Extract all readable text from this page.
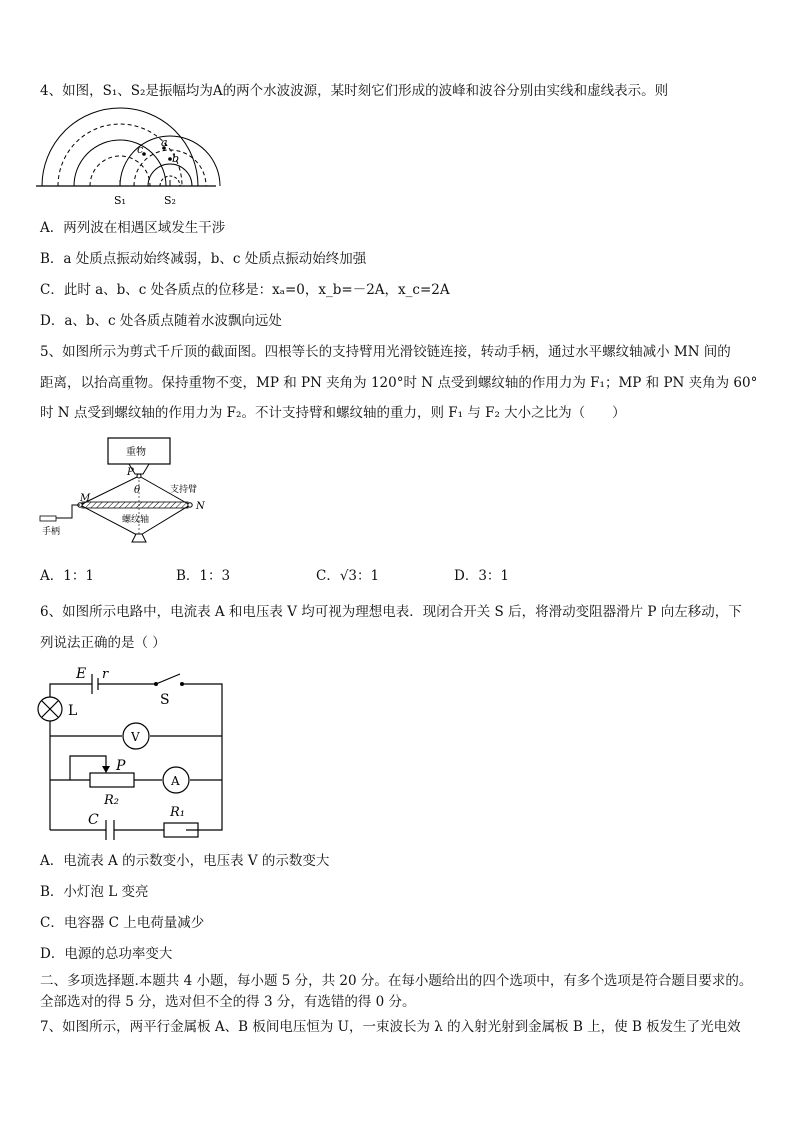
4、如图，S₁、S₂是振幅均为A的两个水波波源，某时刻它们形成的波峰和波谷分别由实线和虚线表示。则
c
a
b
S₁	S₂
A．两列波在相遇区域发生干涉
B．a 处质点振动始终减弱，b、c 处质点振动始终加强
C．此时 a、b、c 处各质点的位移是：xₐ=0，x_b=－2A，x_c=2A
D．a、b、c 处各质点随着水波飘向远处
5、如图所示为剪式千斤顶的截面图。四根等长的支持臂用光滑铰链连接，转动手柄，通过水平螺纹轴减小 MN 间的
距离，以抬高重物。保持重物不变，MP 和 PN 夹角为 120°时 N 点受到螺纹轴的作用力为 F₁；MP 和 PN 夹角为 60°
时 N 点受到螺纹轴的作用力为 F₂。不计支持臂和螺纹轴的重力，则 F₁ 与 F₂ 大小之比为（　　）
重物
P
θ	支持臂
M
N
螺纹轴
手柄
A．1：1	B．1：3	C．√3：1	D．3：1
6、如图所示电路中，电流表 A 和电压表 V 均可视为理想电表．现闭合开关 S 后，将滑动变阻器滑片 P 向左移动，下
列说法正确的是（ ）
E r
S
L
V
P
A
R₂
C	R₁
A．电流表 A 的示数变小，电压表 V 的示数变大
B．小灯泡 L 变亮
C．电容器 C 上电荷量减少
D．电源的总功率变大
二、多项选择题.本题共 4 小题，每小题 5 分，共 20 分。在每小题给出的四个选项中，有多个选项是符合题目要求的。
全部选对的得 5 分，选对但不全的得 3 分，有选错的得 0 分。
7、如图所示，两平行金属板 A、B 板间电压恒为 U，一束波长为 λ 的入射光射到金属板 B 上，使 B 板发生了光电效
